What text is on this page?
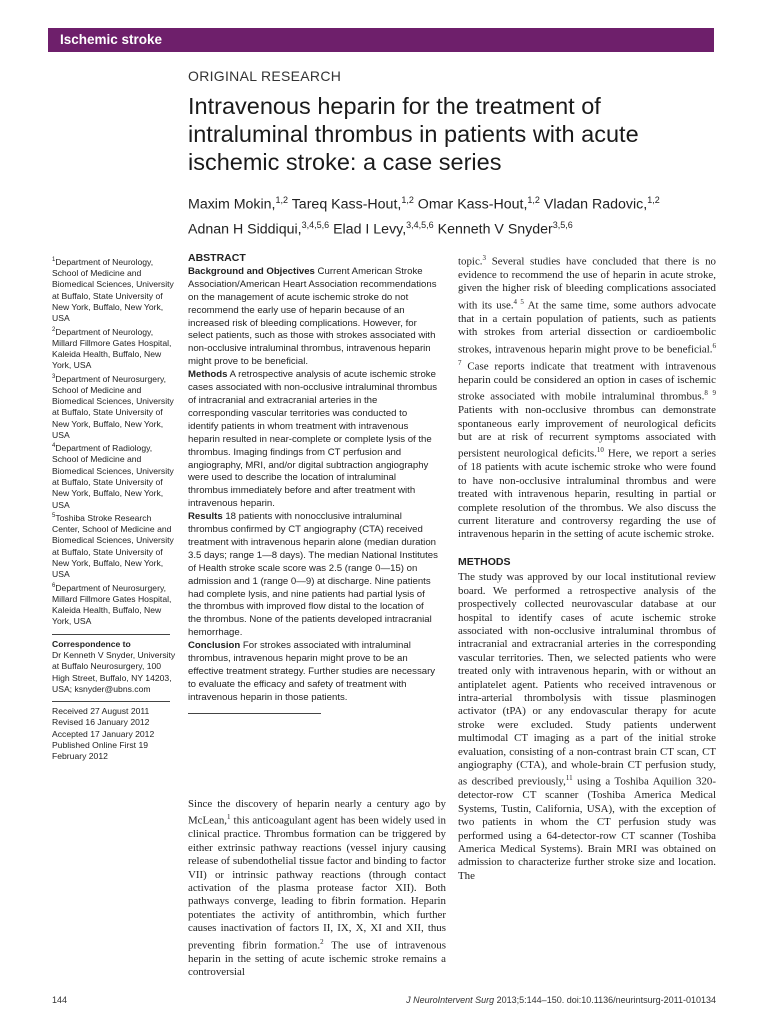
Ischemic stroke
ORIGINAL RESEARCH
Intravenous heparin for the treatment of intraluminal thrombus in patients with acute ischemic stroke: a case series
Maxim Mokin,$^{1,2}$ Tareq Kass-Hout,$^{1,2}$ Omar Kass-Hout,$^{1,2}$ Vladan Radovic,$^{1,2}$
Adnan H Siddiqui,$^{3,4,5,6}$ Elad I Levy,$^{3,4,5,6}$ Kenneth V Snyder$^{3,5,6}$
$^1$Department of Neurology, School of Medicine and Biomedical Sciences, University at Buffalo, State University of New York, Buffalo, New York, USA
$^2$Department of Neurology, Millard Fillmore Gates Hospital, Kaleida Health, Buffalo, New York, USA
$^3$Department of Neurosurgery, School of Medicine and Biomedical Sciences, University at Buffalo, State University of New York, Buffalo, New York, USA
$^4$Department of Radiology, School of Medicine and Biomedical Sciences, University at Buffalo, State University of New York, Buffalo, New York, USA
$^5$Toshiba Stroke Research Center, School of Medicine and Biomedical Sciences, University at Buffalo, State University of New York, Buffalo, New York, USA
$^6$Department of Neurosurgery, Millard Fillmore Gates Hospital, Kaleida Health, Buffalo, New York, USA
Correspondence to
Dr Kenneth V Snyder, University at Buffalo Neurosurgery, 100 High Street, Buffalo, NY 14203, USA; ksnyder@ubns.com
Received 27 August 2011
Revised 16 January 2012
Accepted 17 January 2012
Published Online First 19 February 2012
ABSTRACT

Background and Objectives Current American Stroke Association/American Heart Association recommendations on the management of acute ischemic stroke do not recommend the early use of heparin because of an increased risk of bleeding complications. However, for select patients, such as those with strokes associated with non-occlusive intraluminal thrombus, intravenous heparin might prove to be beneficial.

Methods A retrospective analysis of acute ischemic stroke cases associated with non-occlusive intraluminal thrombus of intracranial and extracranial arteries in the corresponding vascular territories was conducted to identify patients in whom treatment with intravenous heparin resulted in near-complete or complete lysis of the thrombus. Imaging findings from CT perfusion and angiography, MRI, and/or digital subtraction angiography were used to describe the location of intraluminal thrombus immediately before and after treatment with intravenous heparin.

Results 18 patients with nonocclusive intraluminal thrombus confirmed by CT angiography (CTA) received treatment with intravenous heparin alone (median duration 3.5 days; range 1—8 days). The median National Institutes of Health stroke scale score was 2.5 (range 0—15) on admission and 1 (range 0—9) at discharge. Nine patients had complete lysis, and nine patients had partial lysis of the thrombus with improved flow distal to the location of the thrombus. None of the patients developed intracranial hemorrhage.

Conclusion For strokes associated with intraluminal thrombus, intravenous heparin might prove to be an effective treatment strategy. Further studies are necessary to evaluate the efficacy and safety of treatment with intravenous heparin in those patients.

Since the discovery of heparin nearly a century ago by McLean,$^1$ this anticoagulant agent has been widely used in clinical practice. Thrombus formation can be triggered by either extrinsic pathway reactions (vessel injury causing release of subendothelial tissue factor and binding to factor VII) or intrinsic pathway reactions (through contact activation of the plasma protease factor XII). Both pathways converge, leading to fibrin formation. Heparin potentiates the activity of antithrombin, which further causes inactivation of factors II, IX, X, XI and XII, thus preventing fibrin formation.$^2$ The use of intravenous heparin in the setting of acute ischemic stroke remains a controversial

topic.$^3$ Several studies have concluded that there is no evidence to recommend the use of heparin in acute stroke, given the higher risk of bleeding complications associated with its use.$^{4 5}$ At the same time, some authors advocate that in a certain population of patients, such as patients with strokes from arterial dissection or cardioembolic strokes, intravenous heparin might prove to be beneficial.$^{6 7}$ Case reports indicate that treatment with intravenous heparin could be considered an option in cases of ischemic stroke associated with mobile intraluminal thrombus.$^{8 9}$ Patients with non-occlusive thrombus can demonstrate spontaneous early improvement of neurological deficits but are at risk of recurrent symptoms associated with persistent neurological deficits.$^{10}$ Here, we report a series of 18 patients with acute ischemic stroke who were found to have non-occlusive intraluminal thrombus and were treated with intravenous heparin, resulting in partial or complete resolution of the thrombus. We also discuss the current literature and controversy regarding the use of intravenous heparin in the setting of acute ischemic stroke.

METHODS

The study was approved by our local institutional review board. We performed a retrospective analysis of the prospectively collected neurovascular database at our hospital to identify cases of acute ischemic stroke associated with non-occlusive intraluminal thrombus of intracranial and extracranial arteries in the corresponding vascular territories. Then, we selected patients who were treated only with intravenous heparin, with or without an antiplatelet agent. Patients who received intravenous or intra-arterial thrombolysis with tissue plasminogen activator (tPA) or any endovascular therapy for acute stroke were excluded. Study patients underwent multimodal CT imaging as a part of the initial stroke evaluation, consisting of a non-contrast brain CT scan, CT angiography (CTA), and whole-brain CT perfusion study, as described previously,$^{11}$ using a Toshiba Aquilion 320-detector-row CT scanner (Toshiba America Medical Systems, Tustin, California, USA), with the exception of two patients in whom the CT perfusion study was performed using a 64-detector-row CT scanner (Toshiba America Medical Systems). Brain MRI was obtained on admission to characterize further stroke size and location. The

144	J NeuroIntervent Surg 2013;5:144–150. doi:10.1136/neurintsurg-2011-010134
